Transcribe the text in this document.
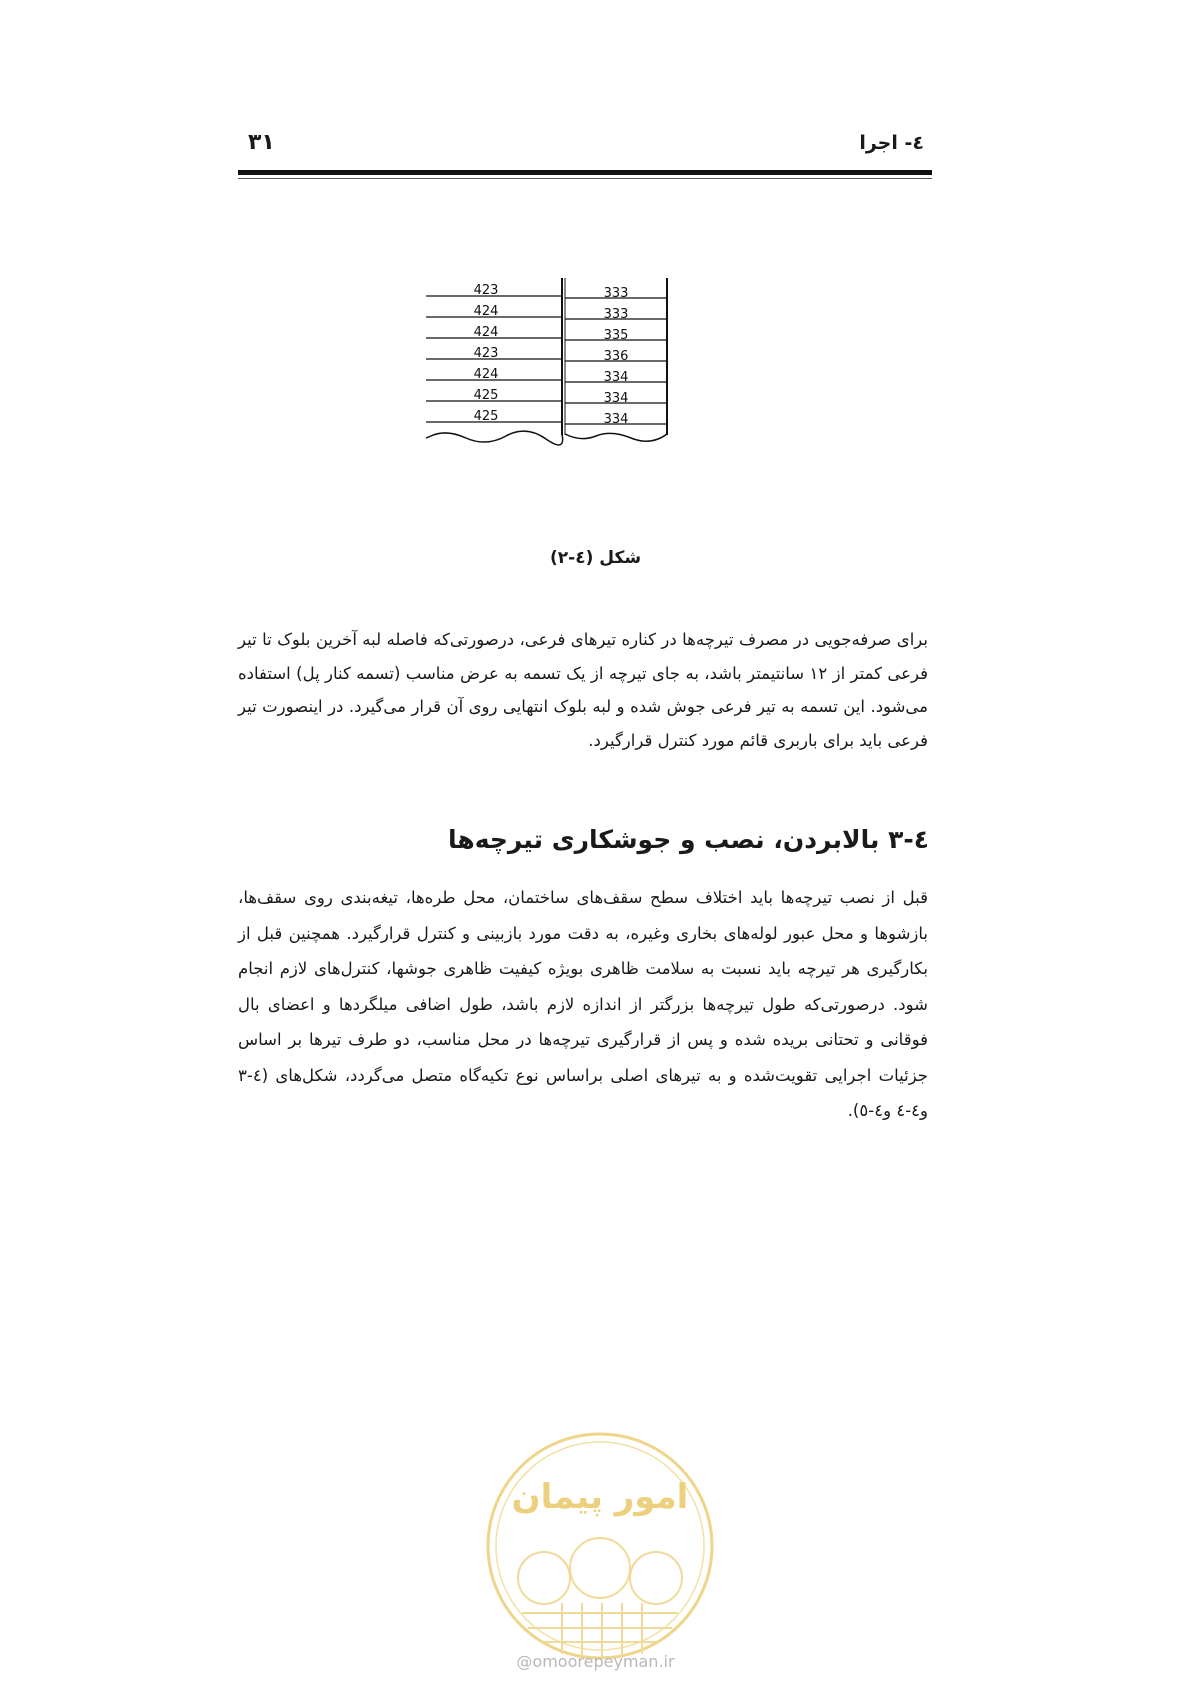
۳۱	٤- اجرا
423	333
424	333
424	335
423	336
424	334
425	334
425	334
شکل (٤-٢)
برای صرفه‌جویی در مصرف تیرچه‌ها در کناره تیرهای فرعی، درصورتی‌که فاصله لبه آخرین بلوک تا تیر فرعی کمتر از ۱۲ سانتیمتر باشد، به جای تیرچه از یک تسمه به عرض مناسب (تسمه کنار پل) استفاده می‌شود. این تسمه به تیر فرعی جوش شده و لبه بلوک انتهایی روی آن قرار می‌گیرد. در اینصورت تیر فرعی باید برای باربری قائم مورد کنترل قرارگیرد.
٤-٣ بالابردن، نصب و جوشکاری تیرچه‌ها
قبل از نصب تیرچه‌ها باید اختلاف سطح سقف‌های ساختمان، محل طره‌ها، تیغه‌بندی روی سقف‌ها، بازشوها و محل عبور لوله‌های بخاری وغیره، به دقت مورد بازبینی و کنترل قرارگیرد. همچنین قبل از بکارگیری هر تیرچه باید نسبت به سلامت ظاهری بویژه کیفیت ظاهری جوشها، کنترل‌های لازم انجام شود. درصورتی‌که طول تیرچه‌ها بزرگتر از اندازه لازم باشد، طول اضافی میلگردها و اعضای بال فوقانی و تحتانی بریده شده و پس از قرارگیری تیرچه‌ها در محل مناسب، دو طرف تیرها بر اساس جزئیات اجرایی تقویت‌شده و به تیرهای اصلی براساس نوع تکیه‌گاه متصل می‌گردد، شکل‌های (٤-٣ و٤-٤ و٤-٥).
امور پیمان
@omoorepeyman.ir
